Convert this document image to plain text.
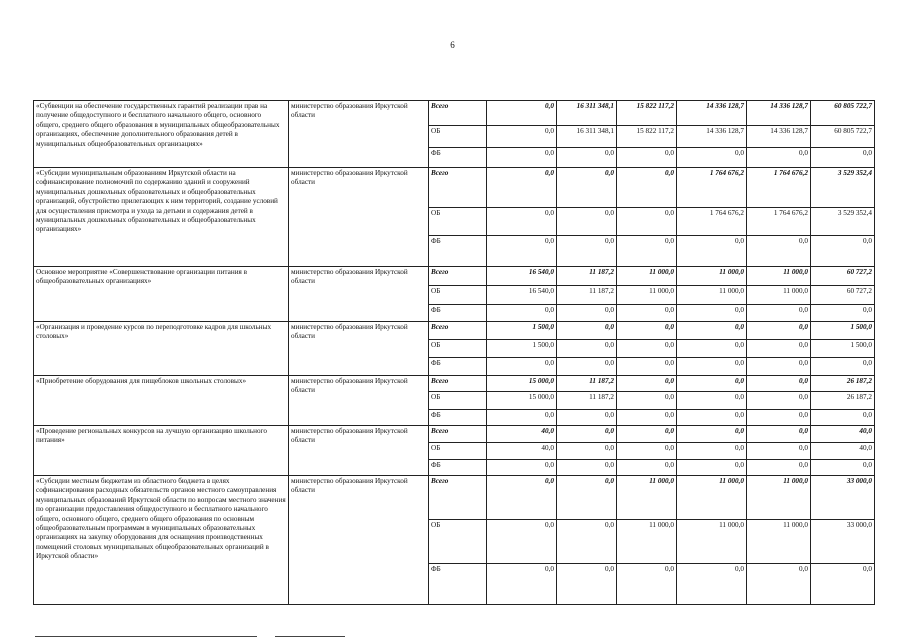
6
«Субвенции на обеспечение государственных гарантий реализации прав на получение общедоступного и бесплатного начального общего, основного общего, среднего общего образования в муниципальных общеобразовательных организациях, обеспечение дополнительного образования детей в муниципальных общеобразовательных организациях»	министерство образования Иркутской области	Всего	0,0	16 311 348,1	15 822 117,2	14 336 128,7	14 336 128,7	60 805 722,7
		ОБ	0,0	16 311 348,1	15 822 117,2	14 336 128,7	14 336 128,7	60 805 722,7
		ФБ	0,0	0,0	0,0	0,0	0,0	0,0
«Субсидии муниципальным образованиям Иркутской области на софинансирование полномочий по содержанию зданий и сооружений муниципальных дошкольных образовательных и общеобразовательных организаций, обустройство прилегающих к ним территорий, создание условий для осуществления присмотра и ухода за детьми и содержания детей в муниципальных дошкольных образовательных и общеобразовательных организациях»	министерство образования Иркутской области	Всего	0,0	0,0	0,0	1 764 676,2	1 764 676,2	3 529 352,4
		ОБ	0,0	0,0	0,0	1 764 676,2	1 764 676,2	3 529 352,4
		ФБ	0,0	0,0	0,0	0,0	0,0	0,0
Основное мероприятие «Совершенствование организации питания в общеобразовательных организациях»	министерство образования Иркутской области	Всего	16 540,0	11 187,2	11 000,0	11 000,0	11 000,0	60 727,2
		ОБ	16 540,0	11 187,2	11 000,0	11 000,0	11 000,0	60 727,2
		ФБ	0,0	0,0	0,0	0,0	0,0	0,0
«Организация и проведение курсов по переподготовке кадров для школьных столовых»	министерство образования Иркутской области	Всего	1 500,0	0,0	0,0	0,0	0,0	1 500,0
		ОБ	1 500,0	0,0	0,0	0,0	0,0	1 500,0
		ФБ	0,0	0,0	0,0	0,0	0,0	0,0
«Приобретение оборудования для пищеблоков школьных столовых»	министерство образования Иркутской области	Всего	15 000,0	11 187,2	0,0	0,0	0,0	26 187,2
		ОБ	15 000,0	11 187,2	0,0	0,0	0,0	26 187,2
		ФБ	0,0	0,0	0,0	0,0	0,0	0,0
«Проведение региональных конкурсов на лучшую организацию школьного питания»	министерство образования Иркутской области	Всего	40,0	0,0	0,0	0,0	0,0	40,0
		ОБ	40,0	0,0	0,0	0,0	0,0	40,0
		ФБ	0,0	0,0	0,0	0,0	0,0	0,0
«Субсидии местным бюджетам из областного бюджета в целях софинансирования расходных обязательств органов местного самоуправления муниципальных образований Иркутской области по вопросам местного значения по организации предоставления общедоступного и бесплатного начального общего, основного общего, среднего общего образования по основным общеобразовательным программам в муниципальных образовательных организациях на закупку оборудования для оснащения производственных помещений столовых муниципальных общеобразовательных организаций в Иркутской области»	министерство образования Иркутской области	Всего	0,0	0,0	11 000,0	11 000,0	11 000,0	33 000,0
		ОБ	0,0	0,0	11 000,0	11 000,0	11 000,0	33 000,0
		ФБ	0,0	0,0	0,0	0,0	0,0	0,0
